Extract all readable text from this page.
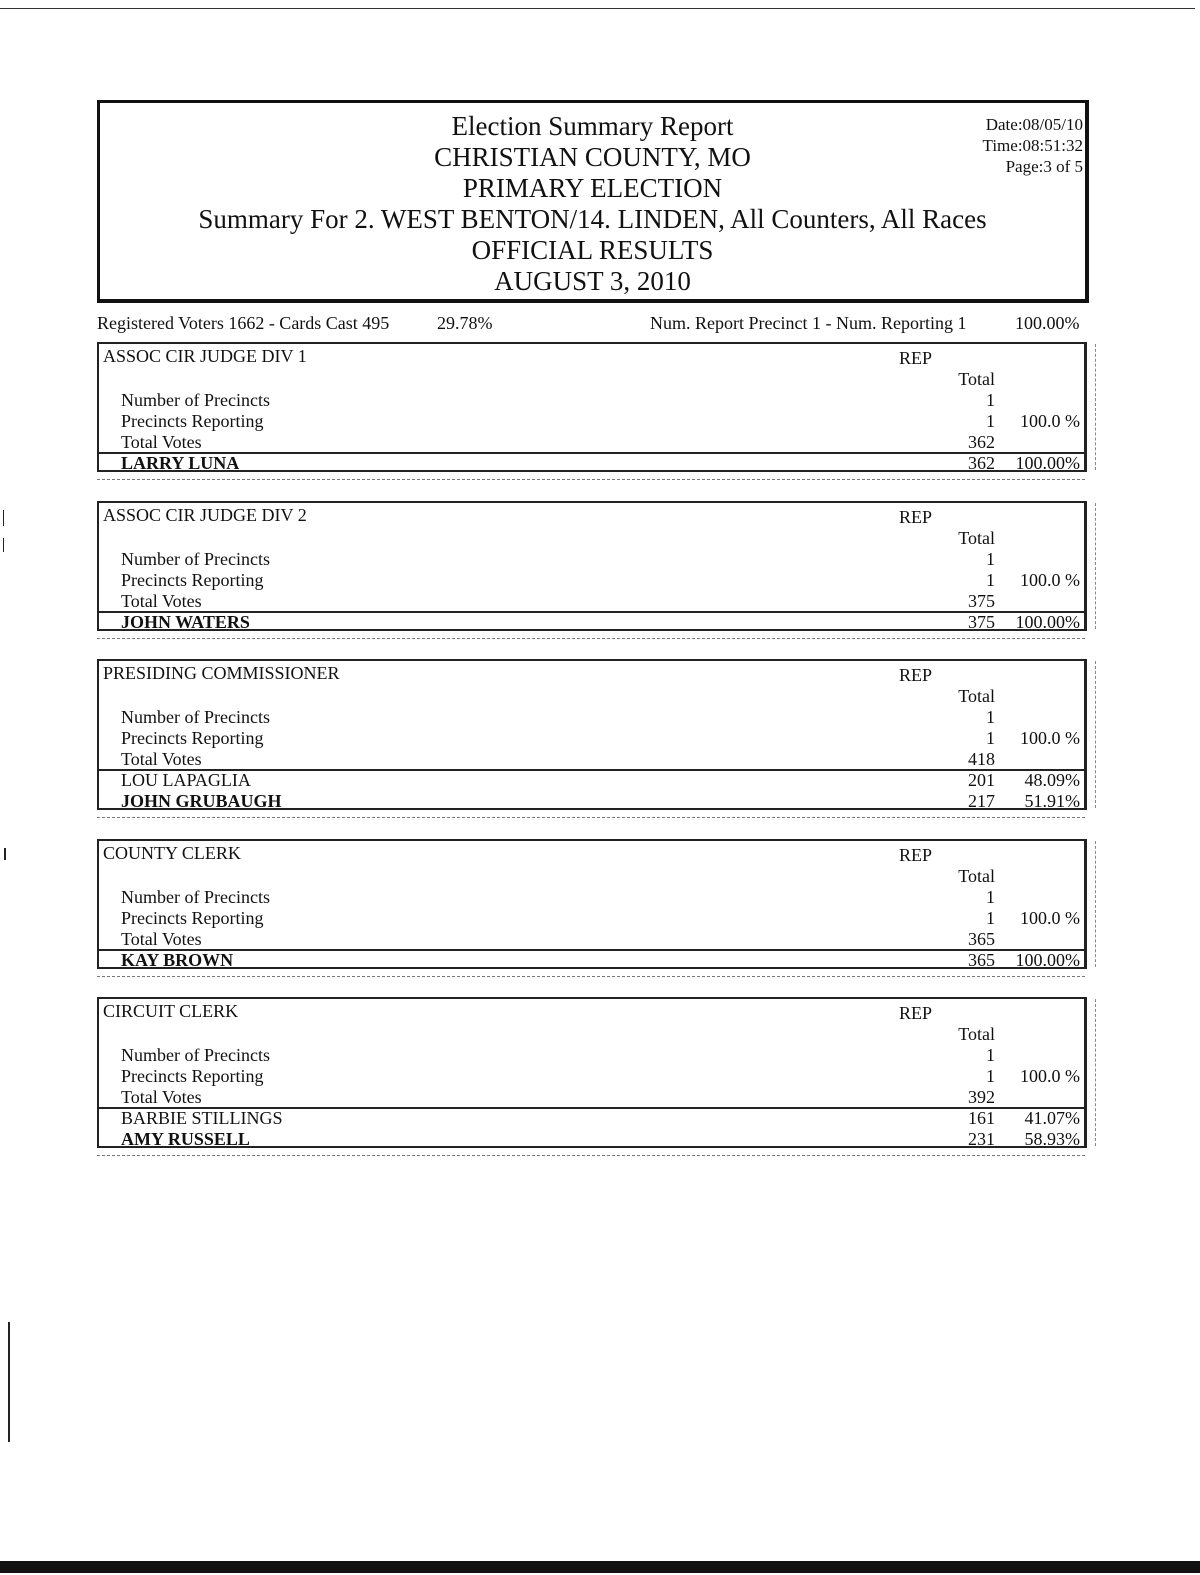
Election Summary Report
CHRISTIAN COUNTY, MO
PRIMARY ELECTION
Summary For 2. WEST BENTON/14. LINDEN, All Counters, All Races
OFFICIAL RESULTS
AUGUST 3, 2010
Date:08/05/10
Time:08:51:32
Page:3 of 5
Registered Voters 1662 - Cards Cast 495	29.78%	Num. Report Precinct 1 - Num. Reporting 1	100.00%
ASSOC CIR JUDGE DIV 1	REP
Total
Number of Precincts	1
Precincts Reporting	1	100.0 %
Total Votes	362
LARRY LUNA	362	100.00%
ASSOC CIR JUDGE DIV 2	REP
Total
Number of Precincts	1
Precincts Reporting	1	100.0 %
Total Votes	375
JOHN WATERS	375	100.00%
PRESIDING COMMISSIONER	REP
Total
Number of Precincts	1
Precincts Reporting	1	100.0 %
Total Votes	418
LOU LAPAGLIA	201	48.09%
JOHN GRUBAUGH	217	51.91%
COUNTY CLERK	REP
Total
Number of Precincts	1
Precincts Reporting	1	100.0 %
Total Votes	365
KAY BROWN	365	100.00%
CIRCUIT CLERK	REP
Total
Number of Precincts	1
Precincts Reporting	1	100.0 %
Total Votes	392
BARBIE STILLINGS	161	41.07%
AMY RUSSELL	231	58.93%
